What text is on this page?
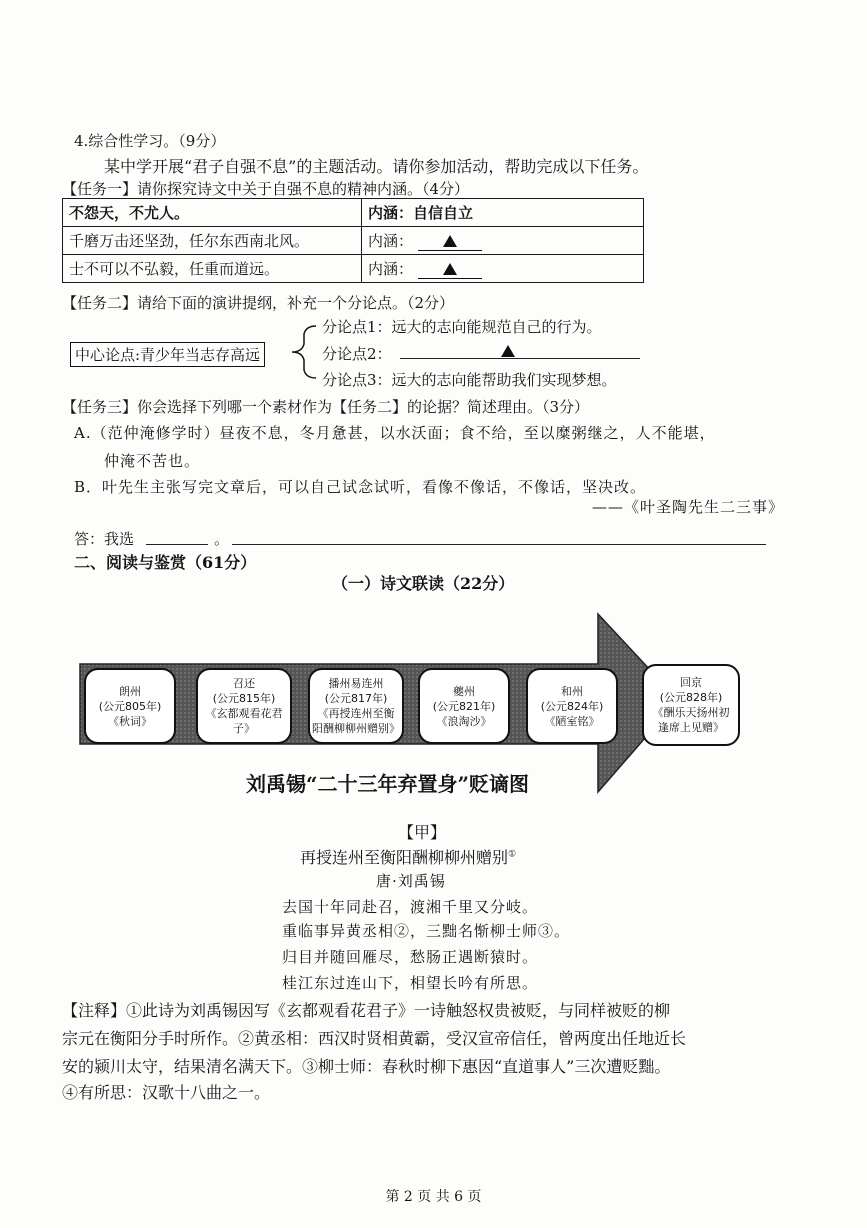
4.综合性学习。（9分）
某中学开展“君子自强不息”的主题活动。请你参加活动，帮助完成以下任务。
【任务一】请你探究诗文中关于自强不息的精神内涵。（4分）
不怨天，不尤人。	内涵：自信自立
千磨万击还坚劲，任尔东西南北风。	内涵：
士不可以不弘毅，任重而道远。	内涵：
【任务二】请给下面的演讲提纲，补充一个分论点。（2分）
中心论点:青少年当志存高远
分论点1：远大的志向能规范自己的行为。
分论点2：
分论点3：远大的志向能帮助我们实现梦想。
【任务三】你会选择下列哪一个素材作为【任务二】的论据？简述理由。（3分）
A.（范仲淹修学时）昼夜不息，冬月惫甚，以水沃面；食不给，至以糜粥继之，人不能堪，
仲淹不苦也。
B．叶先生主张写完文章后，可以自己试念试听，看像不像话，不像话，坚决改。
——《叶圣陶先生二三事》
答：我选	。
二、阅读与鉴赏（61分）
（一）诗文联读（22分）
朗州
(公元805年)
《秋词》
召还
(公元815年)
《玄都观看花君
子》
播州易连州
(公元817年)
《再授连州至衡
阳酬柳柳州赠别》
夔州
(公元821年)
《浪淘沙》
和州
(公元824年)
《陋室铭》
回京
(公元828年)
《酬乐天扬州初
逢席上见赠》
刘禹锡“二十三年弃置身”贬谪图
【甲】
再授连州至衡阳酬柳柳州赠别①
唐·刘禹锡
去国十年同赴召，渡湘千里又分岐。
重临事异黄丞相②，三黜名惭柳士师③。
归目并随回雁尽，愁肠正遇断猿时。
桂江东过连山下，相望长吟有所思。
【注释】①此诗为刘禹锡因写《玄都观看花君子》一诗触怒权贵被贬，与同样被贬的柳
宗元在衡阳分手时所作。②黄丞相：西汉时贤相黄霸，受汉宣帝信任，曾两度出任地近长
安的颍川太守，结果清名满天下。③柳士师：春秋时柳下惠因“直道事人”三次遭贬黜。
④有所思：汉歌十八曲之一。
第 2 页 共 6 页
